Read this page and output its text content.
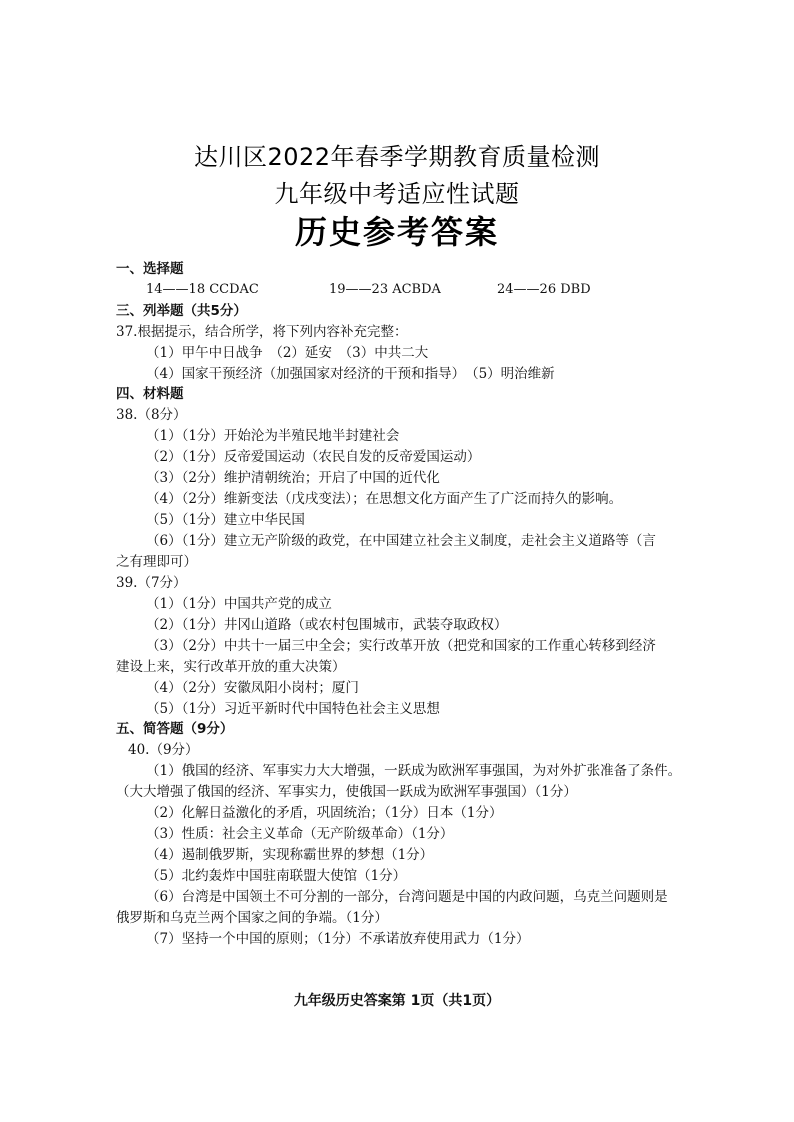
达川区2022年春季学期教育质量检测
九年级中考适应性试题
历史参考答案
一、选择题
14——18 CCDAC	19——23 ACBDA	24——26 DBD
三、列举题（共5分）
37.根据提示，结合所学，将下列内容补充完整：
（1）甲午中日战争　（2）延安　（3）中共二大
（4）国家干预经济（加强国家对经济的干预和指导）　（5）明治维新
四、材料题
38.（8分）
（1）（1分）开始沦为半殖民地半封建社会
（2）（1分）反帝爱国运动（农民自发的反帝爱国运动）
（3）（2分）维护清朝统治；开启了中国的近代化
（4）（2分）维新变法（戊戌变法）；在思想文化方面产生了广泛而持久的影响。
（5）（1分）建立中华民国
（6）（1分）建立无产阶级的政党，在中国建立社会主义制度，走社会主义道路等（言
之有理即可）
39.（7分）
（1）（1分）中国共产党的成立
（2）（1分）井冈山道路（或农村包围城市，武装夺取政权）
（3）（2分）中共十一届三中全会；实行改革开放（把党和国家的工作重心转移到经济
建设上来，实行改革开放的重大决策）
（4）（2分）安徽凤阳小岗村；厦门
（5）（1分）习近平新时代中国特色社会主义思想
五、简答题（9分）
40.（9分）
（1）俄国的经济、军事实力大大增强，一跃成为欧洲军事强国，为对外扩张准备了条件。
（大大增强了俄国的经济、军事实力，使俄国一跃成为欧洲军事强国）（1分）
（2）化解日益激化的矛盾，巩固统治；（1分）日本（1分）
（3）性质：社会主义革命（无产阶级革命）（1分）
（4）遏制俄罗斯，实现称霸世界的梦想（1分）
（5）北约轰炸中国驻南联盟大使馆（1分）
（6）台湾是中国领土不可分割的一部分，台湾问题是中国的内政问题，乌克兰问题则是
俄罗斯和乌克兰两个国家之间的争端。（1分）
（7）坚持一个中国的原则；（1分）不承诺放弃使用武力（1分）
九年级历史答案第 1页（共1页）
